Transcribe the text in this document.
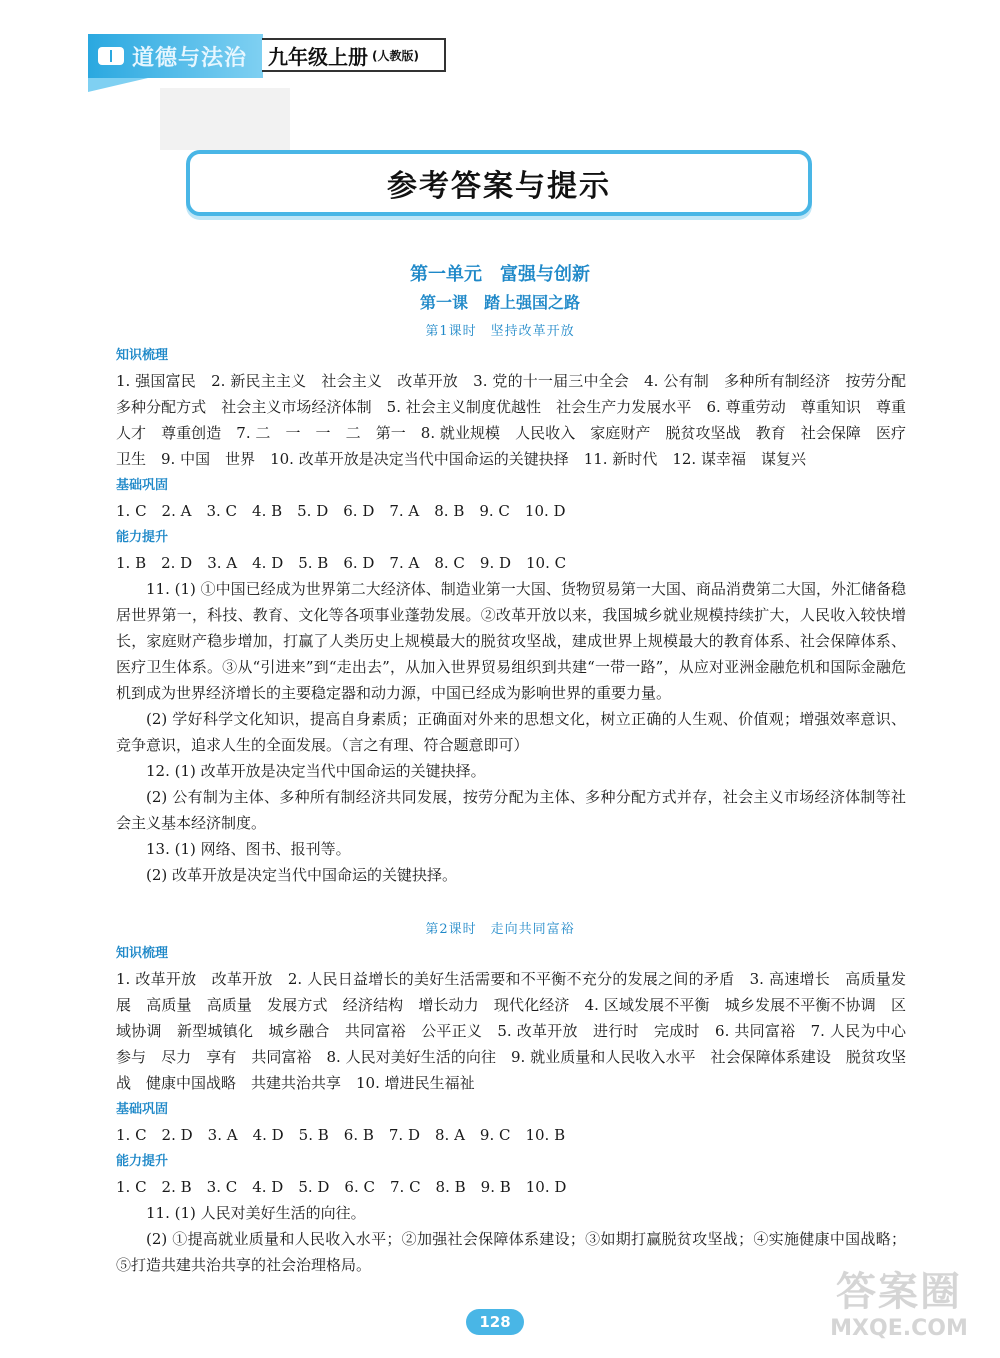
道德与法治 九年级上册 (人教版)
参考答案与提示
第一单元　富强与创新
第一课　踏上强国之路
第1课时　坚持改革开放
知识梳理

1. 强国富民　2. 新民主主义　社会主义　改革开放　3. 党的十一届三中全会　4. 公有制　多种所有制经济　按劳分配　多种分配方式　社会主义市场经济体制　5. 社会主义制度优越性　社会生产力发展水平　6. 尊重劳动　尊重知识　尊重人才　尊重创造　7. 二　一　一　二　第一　8. 就业规模　人民收入　家庭财产　脱贫攻坚战　教育　社会保障　医疗卫生　9. 中国　世界　10. 改革开放是决定当代中国命运的关键抉择　11. 新时代　12. 谋幸福　谋复兴

基础巩固

1. C　2. A　3. C　4. B　5. D　6. D　7. A　8. B　9. C　10. D

能力提升

1. B　2. D　3. A　4. D　5. B　6. D　7. A　8. C　9. D　10. C

11. (1) ①中国已经成为世界第二大经济体、制造业第一大国、货物贸易第一大国、商品消费第二大国，外汇储备稳居世界第一，科技、教育、文化等各项事业蓬勃发展。②改革开放以来，我国城乡就业规模持续扩大，人民收入较快增长，家庭财产稳步增加，打赢了人类历史上规模最大的脱贫攻坚战，建成世界上规模最大的教育体系、社会保障体系、医疗卫生体系。③从“引进来”到“走出去”，从加入世界贸易组织到共建“一带一路”，从应对亚洲金融危机和国际金融危机到成为世界经济增长的主要稳定器和动力源，中国已经成为影响世界的重要力量。

(2) 学好科学文化知识，提高自身素质；正确面对外来的思想文化，树立正确的人生观、价值观；增强效率意识、竞争意识，追求人生的全面发展。（言之有理、符合题意即可）

12. (1) 改革开放是决定当代中国命运的关键抉择。

(2) 公有制为主体、多种所有制经济共同发展，按劳分配为主体、多种分配方式并存，社会主义市场经济体制等社会主义基本经济制度。

13. (1) 网络、图书、报刊等。

(2) 改革开放是决定当代中国命运的关键抉择。

第2课时　走向共同富裕
知识梳理

1. 改革开放　改革开放　2. 人民日益增长的美好生活需要和不平衡不充分的发展之间的矛盾　3. 高速增长　高质量发展　高质量　高质量　发展方式　经济结构　增长动力　现代化经济　4. 区域发展不平衡　城乡发展不平衡不协调　区域协调　新型城镇化　城乡融合　共同富裕　公平正义　5. 改革开放　进行时　完成时　6. 共同富裕　7. 人民为中心　参与　尽力　享有　共同富裕　8. 人民对美好生活的向往　9. 就业质量和人民收入水平　社会保障体系建设　脱贫攻坚战　健康中国战略　共建共治共享　10. 增进民生福祉

基础巩固

1. C　2. D　3. A　4. D　5. B　6. B　7. D　8. A　9. C　10. B

能力提升

1. C　2. B　3. C　4. D　5. D　6. C　7. C　8. B　9. B　10. D

11. (1) 人民对美好生活的向往。

(2) ①提高就业质量和人民收入水平；②加强社会保障体系建设；③如期打赢脱贫攻坚战；④实施健康中国战略；⑤打造共建共治共享的社会治理格局。

128
答案圈
MXQE.COM
